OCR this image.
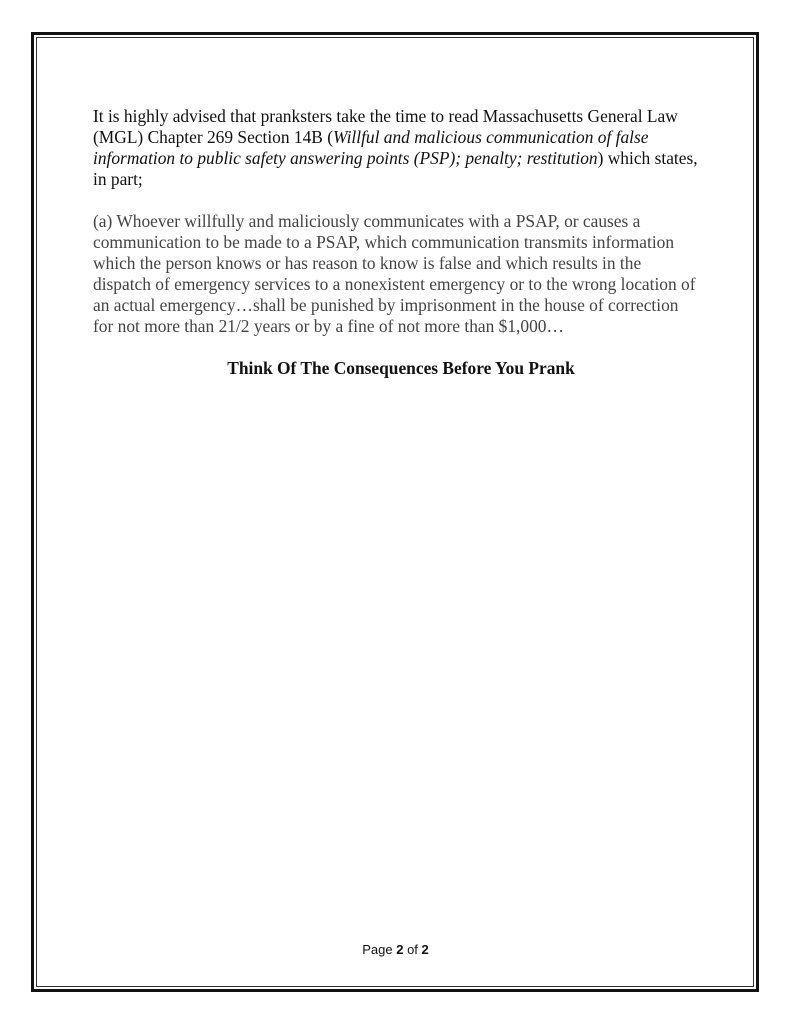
It is highly advised that pranksters take the time to read Massachusetts General Law (MGL) Chapter 269 Section 14B (Willful and malicious communication of false information to public safety answering points (PSP); penalty; restitution) which states, in part;

(a) Whoever willfully and maliciously communicates with a PSAP, or causes a communication to be made to a PSAP, which communication transmits information which the person knows or has reason to know is false and which results in the dispatch of emergency services to a nonexistent emergency or to the wrong location of an actual emergency…shall be punished by imprisonment in the house of correction for not more than 21/2 years or by a fine of not more than $1,000…

Think Of The Consequences Before You Prank

Page 2 of 2
